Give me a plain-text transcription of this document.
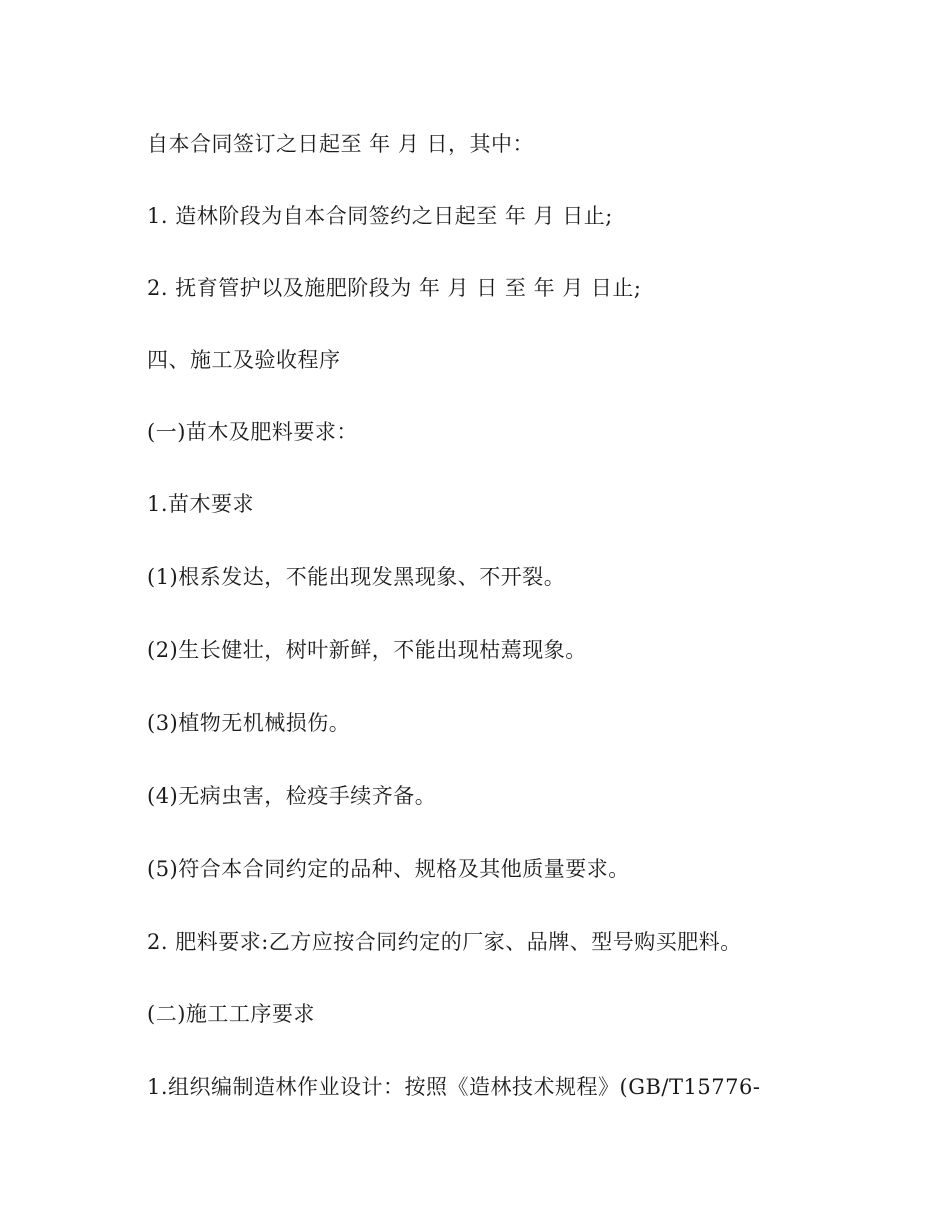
自本合同签订之日起至 年 月 日，其中：

1. 造林阶段为自本合同签约之日起至 年 月 日止;

2. 抚育管护以及施肥阶段为 年 月 日 至 年 月 日止;

四、施工及验收程序

(一)苗木及肥料要求：

1.苗木要求

(1)根系发达，不能出现发黑现象、不开裂。

(2)生长健壮，树叶新鲜，不能出现枯蔫现象。

(3)植物无机械损伤。

(4)无病虫害，检疫手续齐备。

(5)符合本合同约定的品种、规格及其他质量要求。

2. 肥料要求:乙方应按合同约定的厂家、品牌、型号购买肥料。

(二)施工工序要求

1.组织编制造林作业设计：按照《造林技术规程》(GB/T15776-
